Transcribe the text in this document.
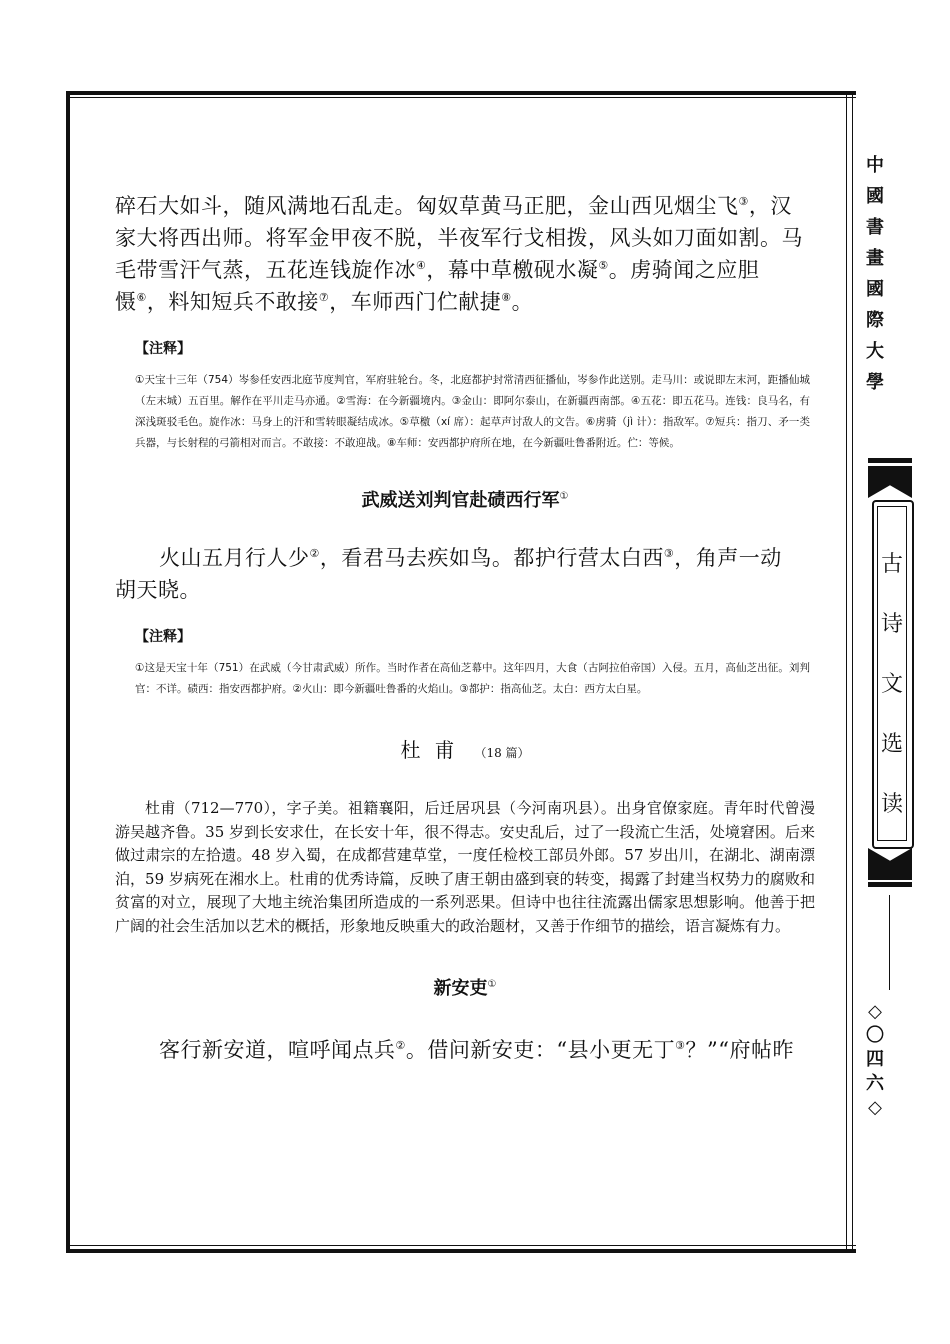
碎石大如斗，随风满地石乱走。匈奴草黄马正肥，金山西见烟尘飞③，汉

家大将西出师。将军金甲夜不脱，半夜军行戈相拨，风头如刀面如割。马

毛带雪汗气蒸，五花连钱旋作冰④，幕中草檄砚水凝⑤。虏骑闻之应胆

慑⑥，料知短兵不敢接⑦，车师西门伫献捷⑧。

【注释】

①天宝十三年（754）岑参任安西北庭节度判官，军府驻轮台。冬，北庭都护封常清西征播仙，岑参作此送别。走马川：或说即左末河，距播仙城（左末城）五百里。解作在平川走马亦通。②雪海：在今新疆境内。③金山：即阿尔泰山，在新疆西南部。④五花：即五花马。连钱：良马名，有深浅斑驳毛色。旋作冰：马身上的汗和雪转眼凝结成冰。⑤草檄（xí 席）：起草声讨敌人的文告。⑥虏骑（jì 计）：指敌军。⑦短兵：指刀、矛一类兵器，与长射程的弓箭相对而言。不敢接：不敢迎战。⑧车师：安西都护府所在地，在今新疆吐鲁番附近。伫：等候。

武威送刘判官赴碛西行军①

火山五月行人少②，看君马去疾如鸟。都护行营太白西③，角声一动

胡天晓。

【注释】

①这是天宝十年（751）在武威（今甘肃武威）所作。当时作者在高仙芝幕中。这年四月，大食（古阿拉伯帝国）入侵。五月，高仙芝出征。刘判官：不详。碛西：指安西都护府。②火山：即今新疆吐鲁番的火焰山。③都护：指高仙芝。太白：西方太白星。

杜甫 （18 篇）

杜甫（712—770），字子美。祖籍襄阳，后迁居巩县（今河南巩县）。出身官僚家庭。青年时代曾漫游吴越齐鲁。35 岁到长安求仕，在长安十年，很不得志。安史乱后，过了一段流亡生活，处境窘困。后来做过肃宗的左拾遗。48 岁入蜀，在成都营建草堂，一度任检校工部员外郎。57 岁出川，在湖北、湖南漂泊，59 岁病死在湘水上。杜甫的优秀诗篇，反映了唐王朝由盛到衰的转变，揭露了封建当权势力的腐败和贫富的对立，展现了大地主统治集团所造成的一系列恶果。但诗中也往往流露出儒家思想影响。他善于把广阔的社会生活加以艺术的概括，形象地反映重大的政治题材，又善于作细节的描绘，语言凝炼有力。

新安吏①

客行新安道，喧呼闻点兵②。借问新安吏：“县小更无丁③？”“府帖昨

中國書畫國際大學
古诗文选读
◇〇四六◇
